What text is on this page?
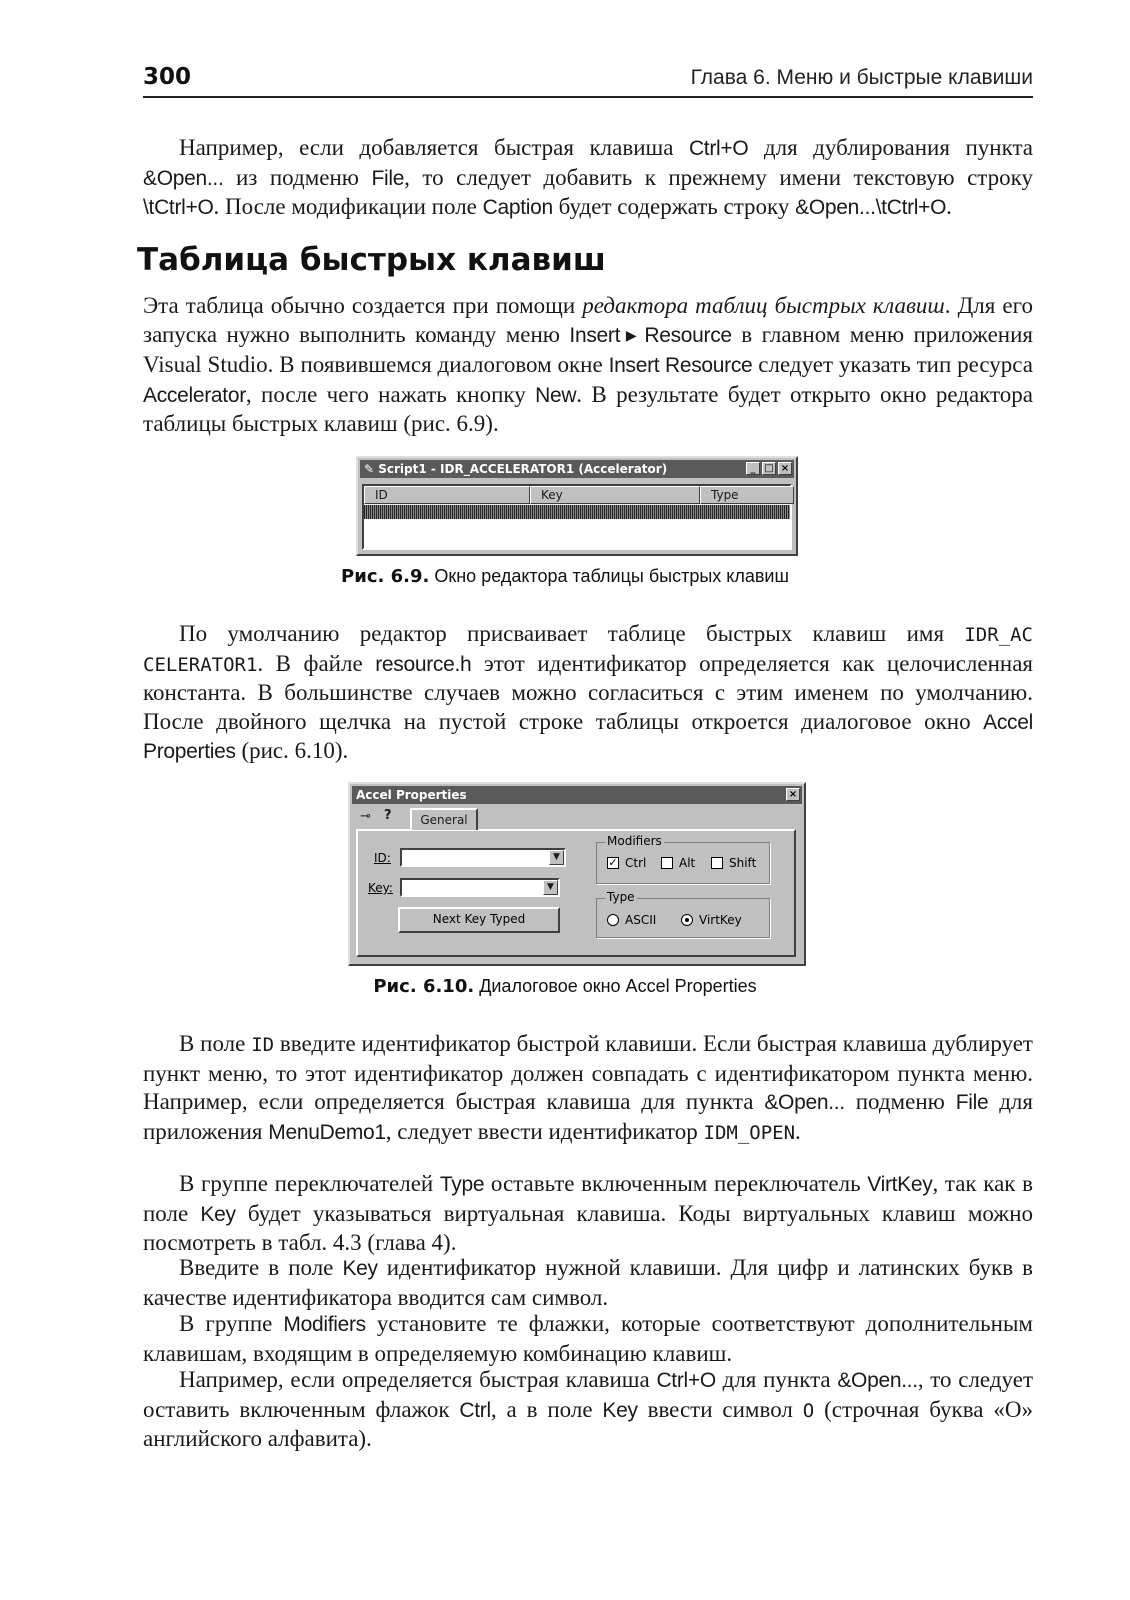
300	Глава 6. Меню и быстрые клавиши

Например, если добавляется быстрая клавиша Ctrl+O для дублирования пункта &Open... из подменю File, то следует добавить к прежнему имени текстовую строку \tCtrl+O. После модификации поле Caption будет содержать строку &Open...\tCtrl+O.

Таблица быстрых клавиш

Эта таблица обычно создается при помощи редактора таблиц быстрых клавиш. Для его запуска нужно выполнить команду меню Insert ▶ Resource в главном меню приложения Visual Studio. В появившемся диалоговом окне Insert Resource следует указать тип ресурса Accelerator, после чего нажать кнопку New. В результате будет открыто окно редактора таблицы быстрых клавиш (рис. 6.9).

✎ Script1 - IDR_ACCELERATOR1 (Accelerator)	_ □ ×
ID	Key	Type
Рис. 6.9. Окно редактора таблицы быстрых клавиш

По умолчанию редактор присваивает таблице быстрых клавиш имя IDR_AC CELERATOR1. В файле resource.h этот идентификатор определяется как целочисленная константа. В большинстве случаев можно согласиться с этим именем по умолчанию. После двойного щелчка на пустой строке таблицы откроется диалоговое окно Accel Properties (рис. 6.10).

Accel Properties	×
⊸ ?	General
ID:	▼
Key:	▼
Next Key Typed
Modifiers
✓ Ctrl	Alt	Shift
Type
ASCII	VirtKey
Рис. 6.10. Диалоговое окно Accel Properties

В поле ID введите идентификатор быстрой клавиши. Если быстрая клавиша дублирует пункт меню, то этот идентификатор должен совпадать с идентификатором пункта меню. Например, если определяется быстрая клавиша для пункта &Open... подменю File для приложения MenuDemo1, следует ввести идентификатор IDM_OPEN.

В группе переключателей Type оставьте включенным переключатель VirtKey, так как в поле Key будет указываться виртуальная клавиша. Коды виртуальных клавиш можно посмотреть в табл. 4.3 (глава 4).

Введите в поле Key идентификатор нужной клавиши. Для цифр и латинских букв в качестве идентификатора вводится сам символ.

В группе Modifiers установите те флажки, которые соответствуют дополнительным клавишам, входящим в определяемую комбинацию клавиш.

Например, если определяется быстрая клавиша Ctrl+O для пункта &Open..., то следует оставить включенным флажок Ctrl, а в поле Key ввести символ O (строчная буква «O» английского алфавита).
